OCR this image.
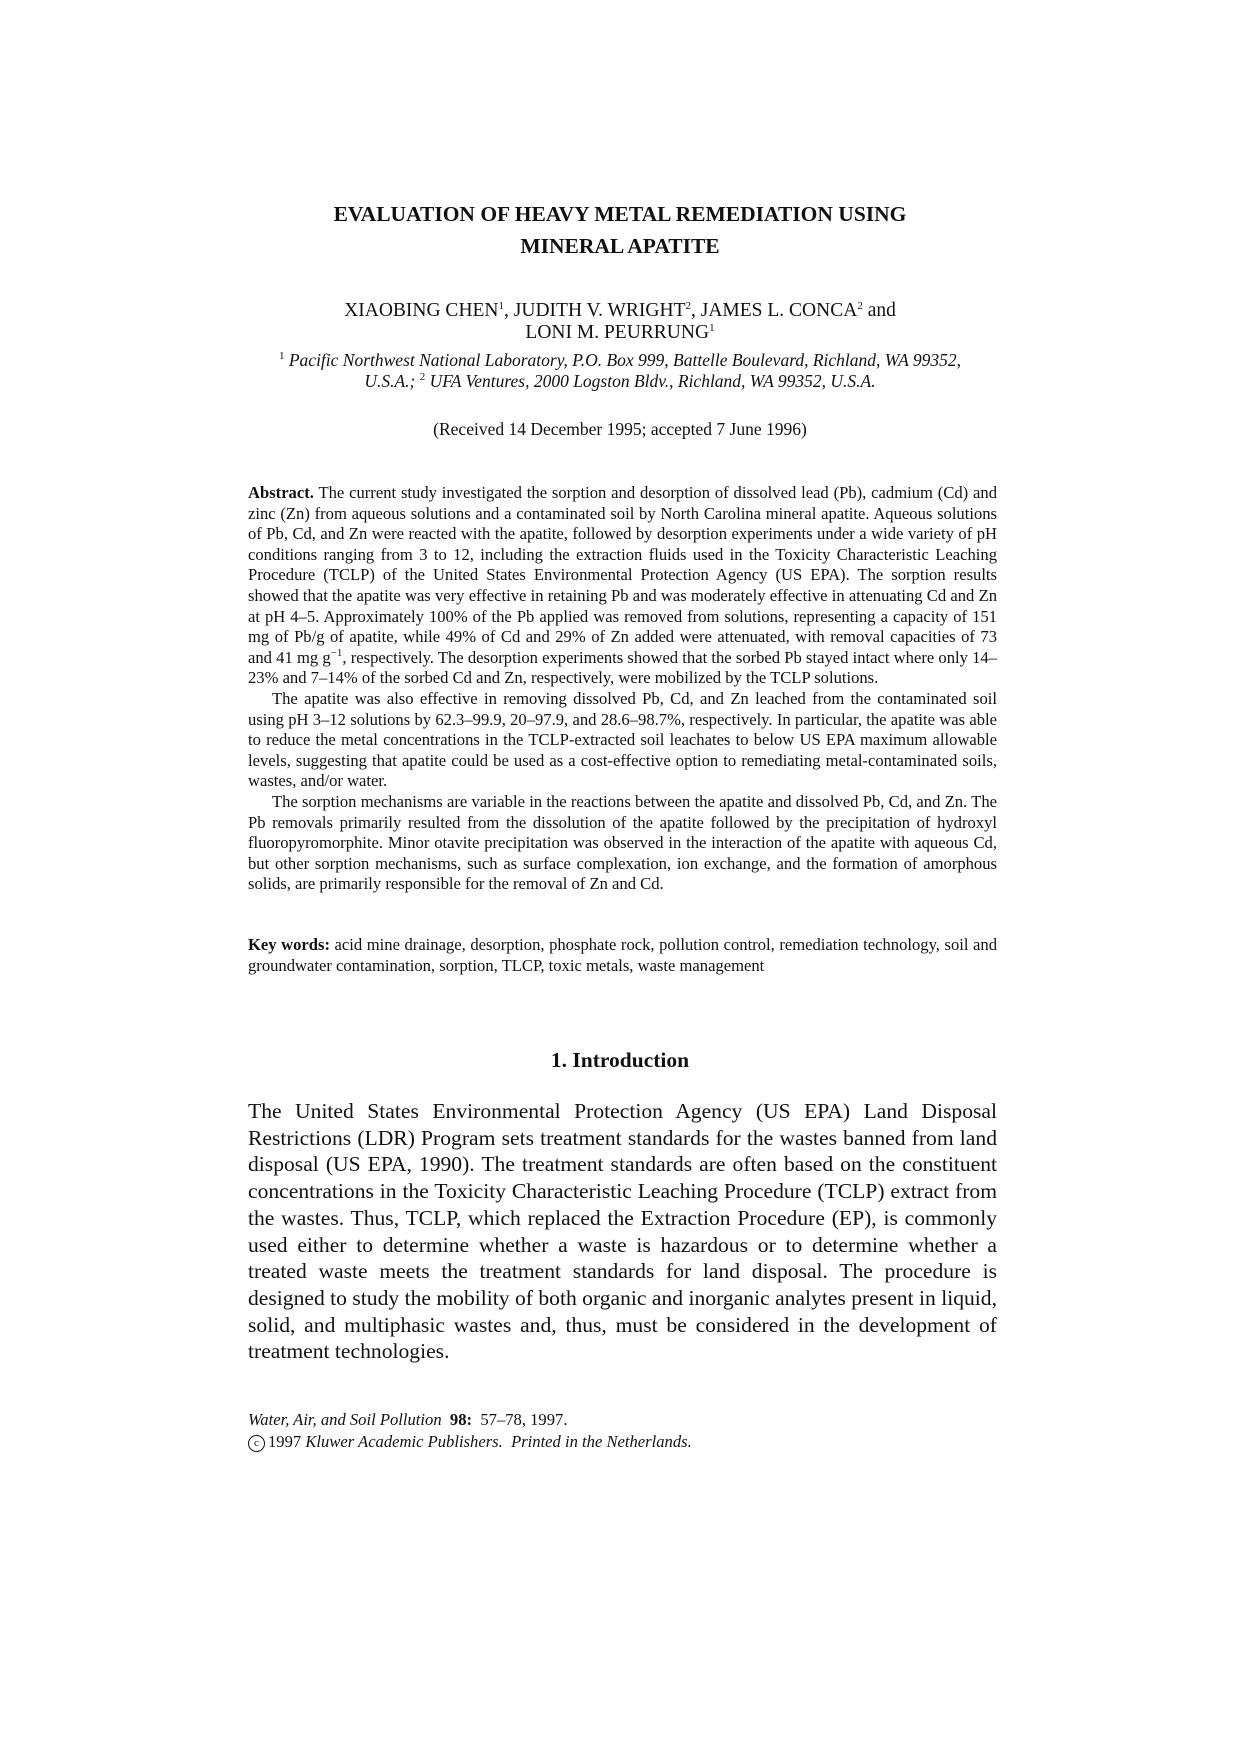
EVALUATION OF HEAVY METAL REMEDIATION USING
MINERAL APATITE
XIAOBING CHEN$^1$, JUDITH V. WRIGHT$^2$, JAMES L. CONCA$^2$ and
LONI M. PEURRUNG$^1$
$^1$ Pacific Northwest National Laboratory, P.O. Box 999, Battelle Boulevard, Richland, WA 99352,
U.S.A.; $^2$ UFA Ventures, 2000 Logston Bldv., Richland, WA 99352, U.S.A.
(Received 14 December 1995; accepted 7 June 1996)

Abstract. The current study investigated the sorption and desorption of dissolved lead (Pb), cadmium (Cd) and zinc (Zn) from aqueous solutions and a contaminated soil by North Carolina mineral apatite. Aqueous solutions of Pb, Cd, and Zn were reacted with the apatite, followed by desorption experiments under a wide variety of pH conditions ranging from 3 to 12, including the extraction fluids used in the Toxicity Characteristic Leaching Procedure (TCLP) of the United States Environmental Protection Agency (US EPA). The sorption results showed that the apatite was very effective in retaining Pb and was moderately effective in attenuating Cd and Zn at pH 4–5. Approximately 100% of the Pb applied was removed from solutions, representing a capacity of 151 mg of Pb/g of apatite, while 49% of Cd and 29% of Zn added were attenuated, with removal capacities of 73 and 41 mg $g^{-1}$, respectively. The desorption experiments showed that the sorbed Pb stayed intact where only 14–23% and 7–14% of the sorbed Cd and Zn, respectively, were mobilized by the TCLP solutions.

The apatite was also effective in removing dissolved Pb, Cd, and Zn leached from the contaminated soil using pH 3–12 solutions by 62.3–99.9, 20–97.9, and 28.6–98.7%, respectively. In particular, the apatite was able to reduce the metal concentrations in the TCLP-extracted soil leachates to below US EPA maximum allowable levels, suggesting that apatite could be used as a cost-effective option to remediating metal-contaminated soils, wastes, and/or water.

The sorption mechanisms are variable in the reactions between the apatite and dissolved Pb, Cd, and Zn. The Pb removals primarily resulted from the dissolution of the apatite followed by the precipitation of hydroxyl fluoropyromorphite. Minor otavite precipitation was observed in the interaction of the apatite with aqueous Cd, but other sorption mechanisms, such as surface complexation, ion exchange, and the formation of amorphous solids, are primarily responsible for the removal of Zn and Cd.

Key words: acid mine drainage, desorption, phosphate rock, pollution control, remediation technology, soil and groundwater contamination, sorption, TLCP, toxic metals, waste management

1. Introduction

The United States Environmental Protection Agency (US EPA) Land Disposal Restrictions (LDR) Program sets treatment standards for the wastes banned from land disposal (US EPA, 1990). The treatment standards are often based on the constituent concentrations in the Toxicity Characteristic Leaching Procedure (TCLP) extract from the wastes. Thus, TCLP, which replaced the Extraction Procedure (EP), is commonly used either to determine whether a waste is hazardous or to determine whether a treated waste meets the treatment standards for land disposal. The procedure is designed to study the mobility of both organic and inorganic analytes present in liquid, solid, and multiphasic wastes and, thus, must be considered in the development of treatment technologies.

Water, Air, and Soil Pollution 98: 57–78, 1997.
c 1997 Kluwer Academic Publishers. Printed in the Netherlands.
